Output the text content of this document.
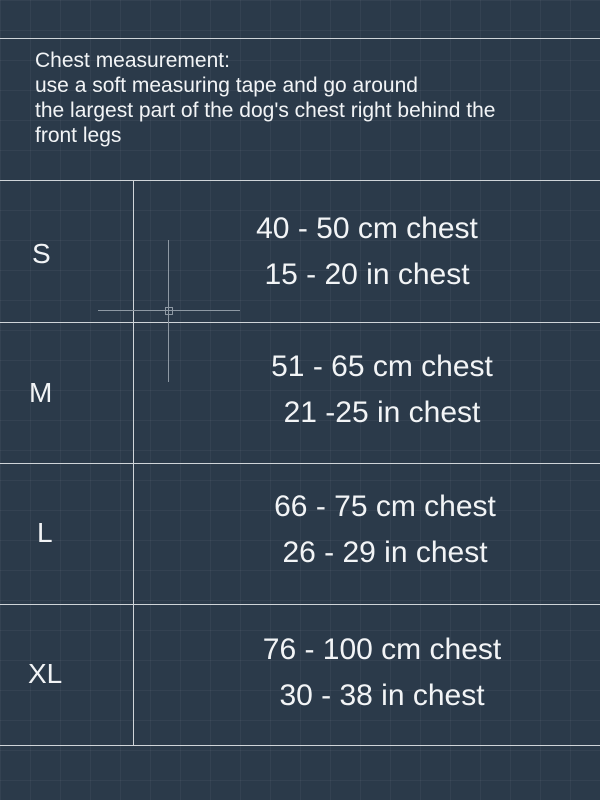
Chest measurement:
use a soft measuring tape and go around
the largest part of the dog's chest right behind the
front legs
S
40 - 50 cm chest
15 - 20 in chest
M
51 - 65 cm chest
21 -25 in chest
L
66 - 75 cm chest
26 - 29 in chest
XL
76 - 100 cm chest
30 - 38 in chest
